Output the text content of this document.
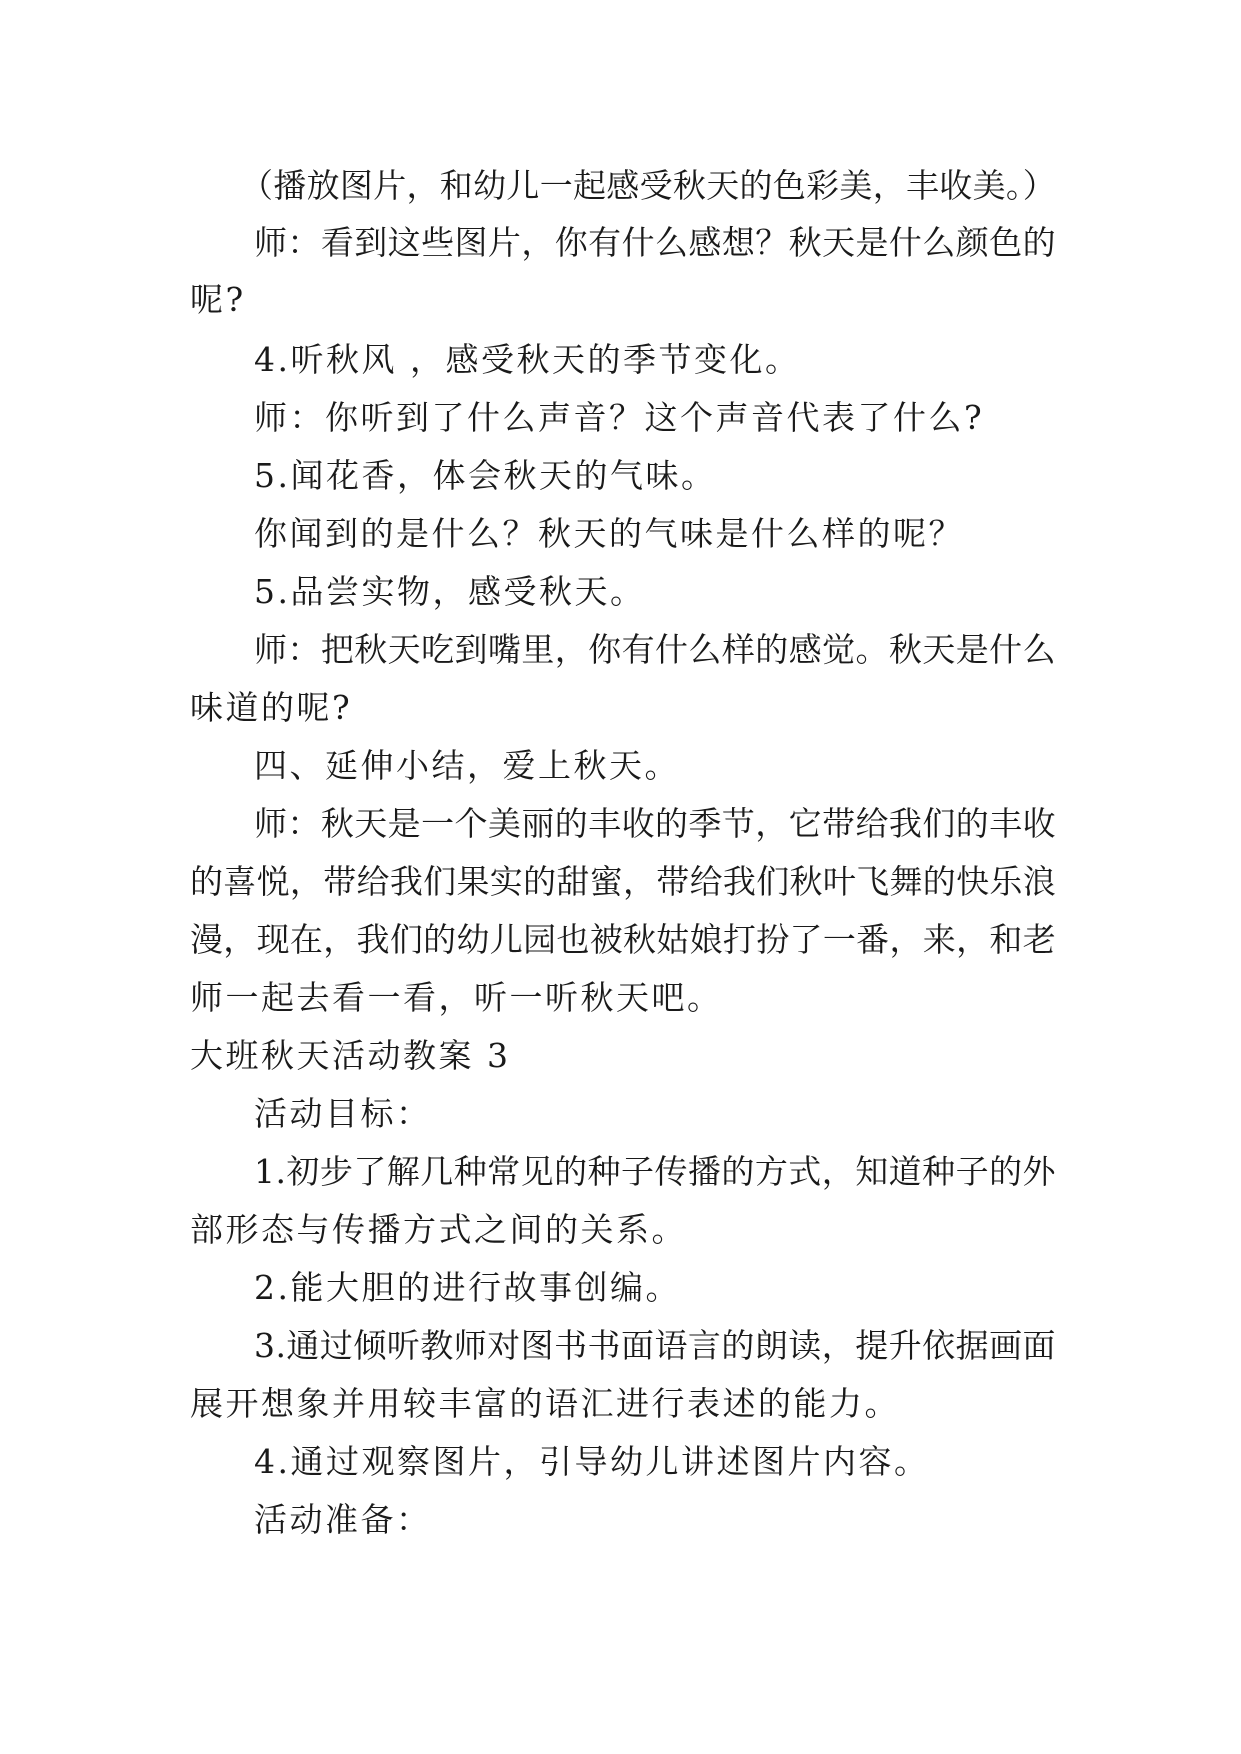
（播放图片，和幼儿一起感受秋天的色彩美，丰收美。）
师：看到这些图片，你有什么感想？秋天是什么颜色的
呢?
4.听秋风 ，感受秋天的季节变化。
师：你听到了什么声音？这个声音代表了什么?
5.闻花香，体会秋天的气味。
你闻到的是什么？秋天的气味是什么样的呢？
5.品尝实物，感受秋天。
师：把秋天吃到嘴里，你有什么样的感觉。秋天是什么
味道的呢?
四、延伸小结，爱上秋天。
师：秋天是一个美丽的丰收的季节，它带给我们的丰收
的喜悦，带给我们果实的甜蜜，带给我们秋叶飞舞的快乐浪
漫，现在，我们的幼儿园也被秋姑娘打扮了一番，来，和老
师一起去看一看，听一听秋天吧。
大班秋天活动教案 3
活动目标：
1.初步了解几种常见的种子传播的方式，知道种子的外
部形态与传播方式之间的关系。
2.能大胆的进行故事创编。
3.通过倾听教师对图书书面语言的朗读，提升依据画面
展开想象并用较丰富的语汇进行表述的能力。
4.通过观察图片，引导幼儿讲述图片内容。
活动准备：
